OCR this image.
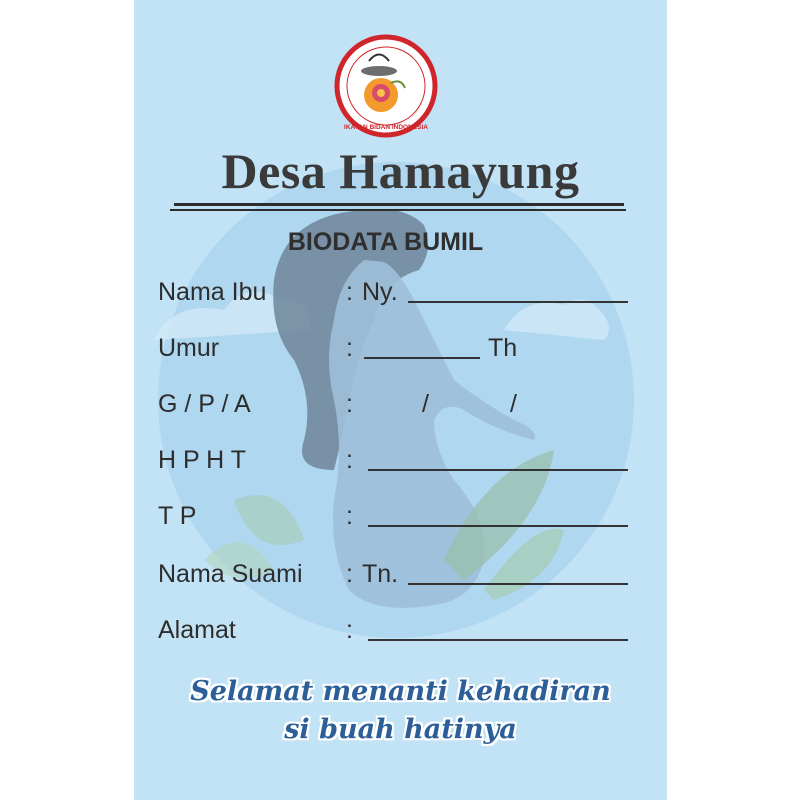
IKATAN BIDAN INDONESIA
Desa Hamayung
BIODATA BUMIL
Nama Ibu	: Ny.
Umur	:	Th
G / P / A	:	/	/
H P H T	:
T P	:
Nama Suami : Tn.
Alamat	:
Selamat menanti kehadiran
si buah hatinya
